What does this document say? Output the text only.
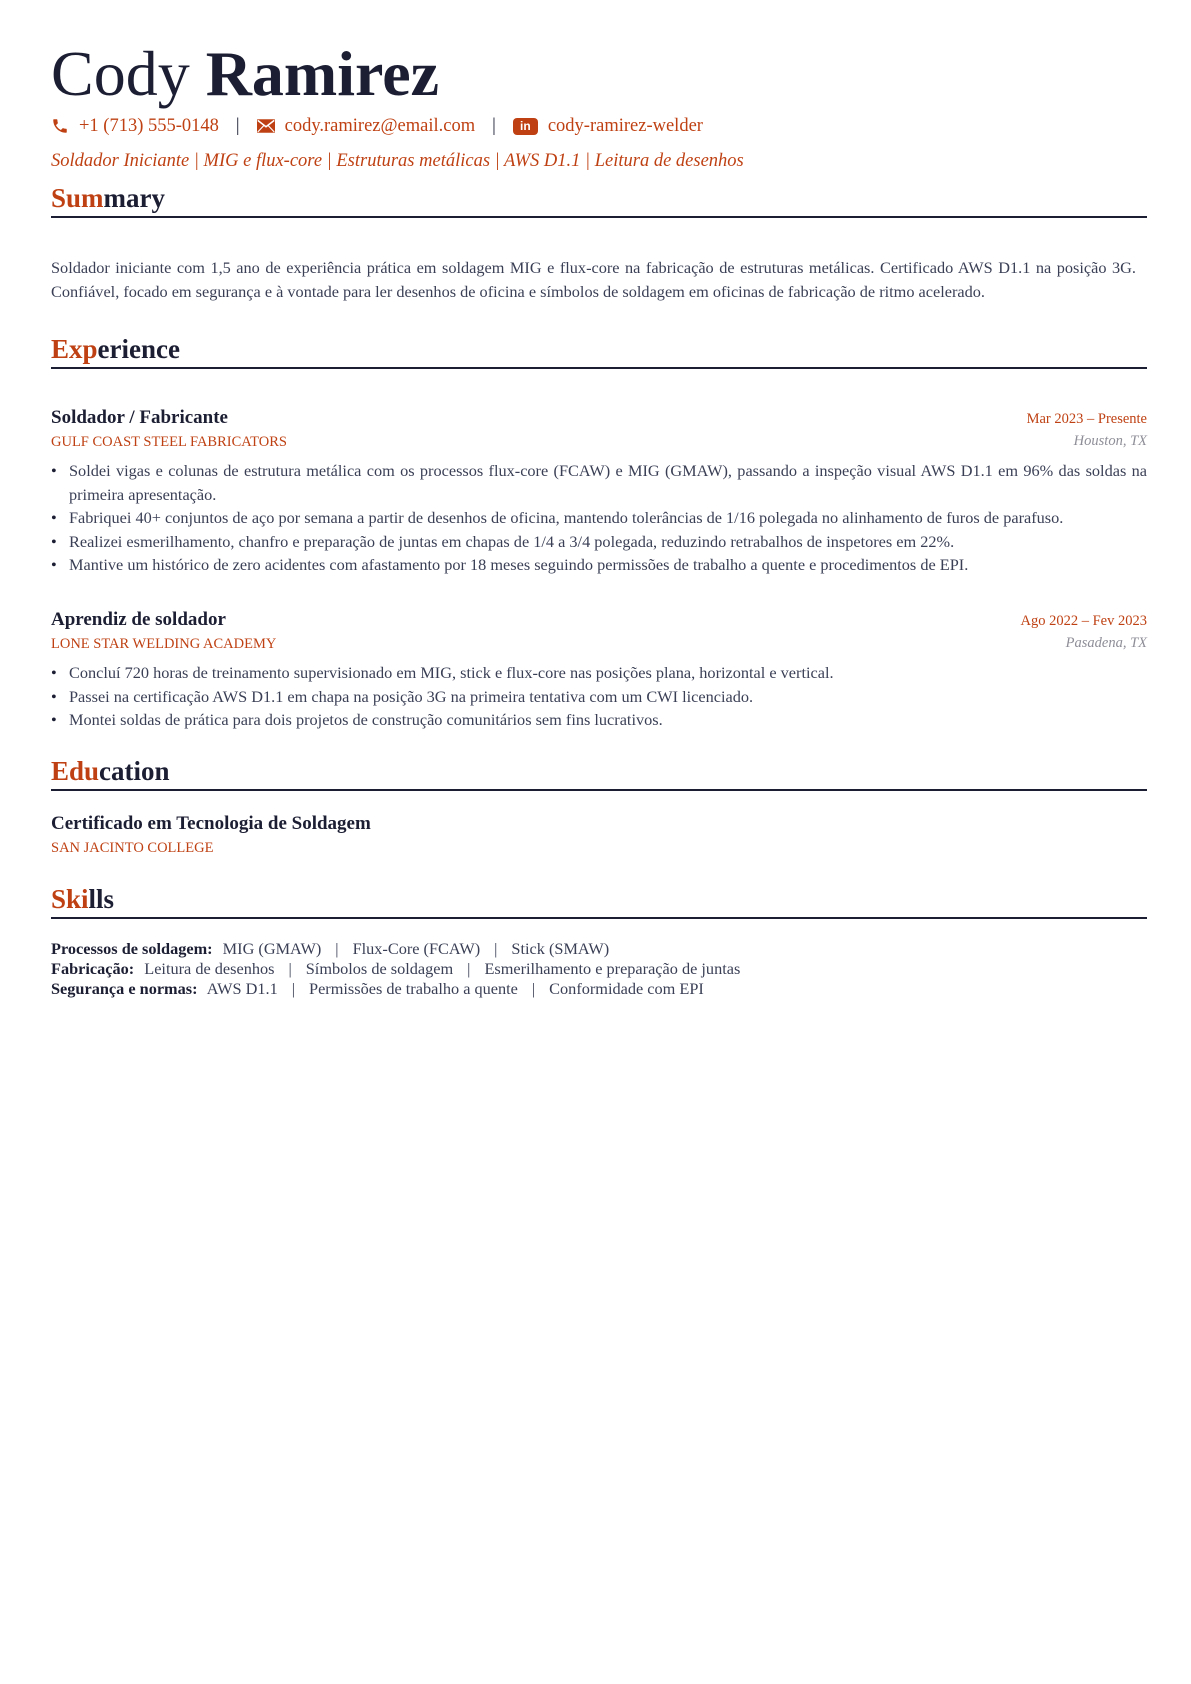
Cody Ramirez
+1 (713) 555-0148 | cody.ramirez@email.com |	in cody-ramirez-welder
Soldador Iniciante | MIG e flux-core | Estruturas metálicas | AWS D1.1 | Leitura de desenhos
Summary
Soldador iniciante com 1,5 ano de experiência prática em soldagem MIG e flux-core na fabricação de estruturas metálicas. Certificado AWS D1.1 na posição 3G. Confiável, focado em segurança e à vontade para ler desenhos de oficina e símbolos de soldagem em oficinas de fabricação de ritmo acelerado.
Experience
Soldador / Fabricante	Mar 2023 – Presente
GULF COAST STEEL FABRICATORS	Houston, TX
• Soldei vigas e colunas de estrutura metálica com os processos flux-core (FCAW) e MIG (GMAW), passando a inspeção visual AWS D1.1 em 96% das soldas na primeira apresentação.
• Fabriquei 40+ conjuntos de aço por semana a partir de desenhos de oficina, mantendo tolerâncias de 1/16 polegada no alinhamento de furos de parafuso.
• Realizei esmerilhamento, chanfro e preparação de juntas em chapas de 1/4 a 3/4 polegada, reduzindo retrabalhos de inspetores em 22%.
• Mantive um histórico de zero acidentes com afastamento por 18 meses seguindo permissões de trabalho a quente e procedimentos de EPI.
Aprendiz de soldador	Ago 2022 – Fev 2023
LONE STAR WELDING ACADEMY	Pasadena, TX
• Concluí 720 horas de treinamento supervisionado em MIG, stick e flux-core nas posições plana, horizontal e vertical.
• Passei na certificação AWS D1.1 em chapa na posição 3G na primeira tentativa com um CWI licenciado.
• Montei soldas de prática para dois projetos de construção comunitários sem fins lucrativos.
Education
Certificado em Tecnologia de Soldagem
SAN JACINTO COLLEGE
Skills
Processos de soldagem: MIG (GMAW) | Flux-Core (FCAW) | Stick (SMAW)
Fabricação: Leitura de desenhos | Símbolos de soldagem | Esmerilhamento e preparação de juntas
Segurança e normas: AWS D1.1 | Permissões de trabalho a quente | Conformidade com EPI
